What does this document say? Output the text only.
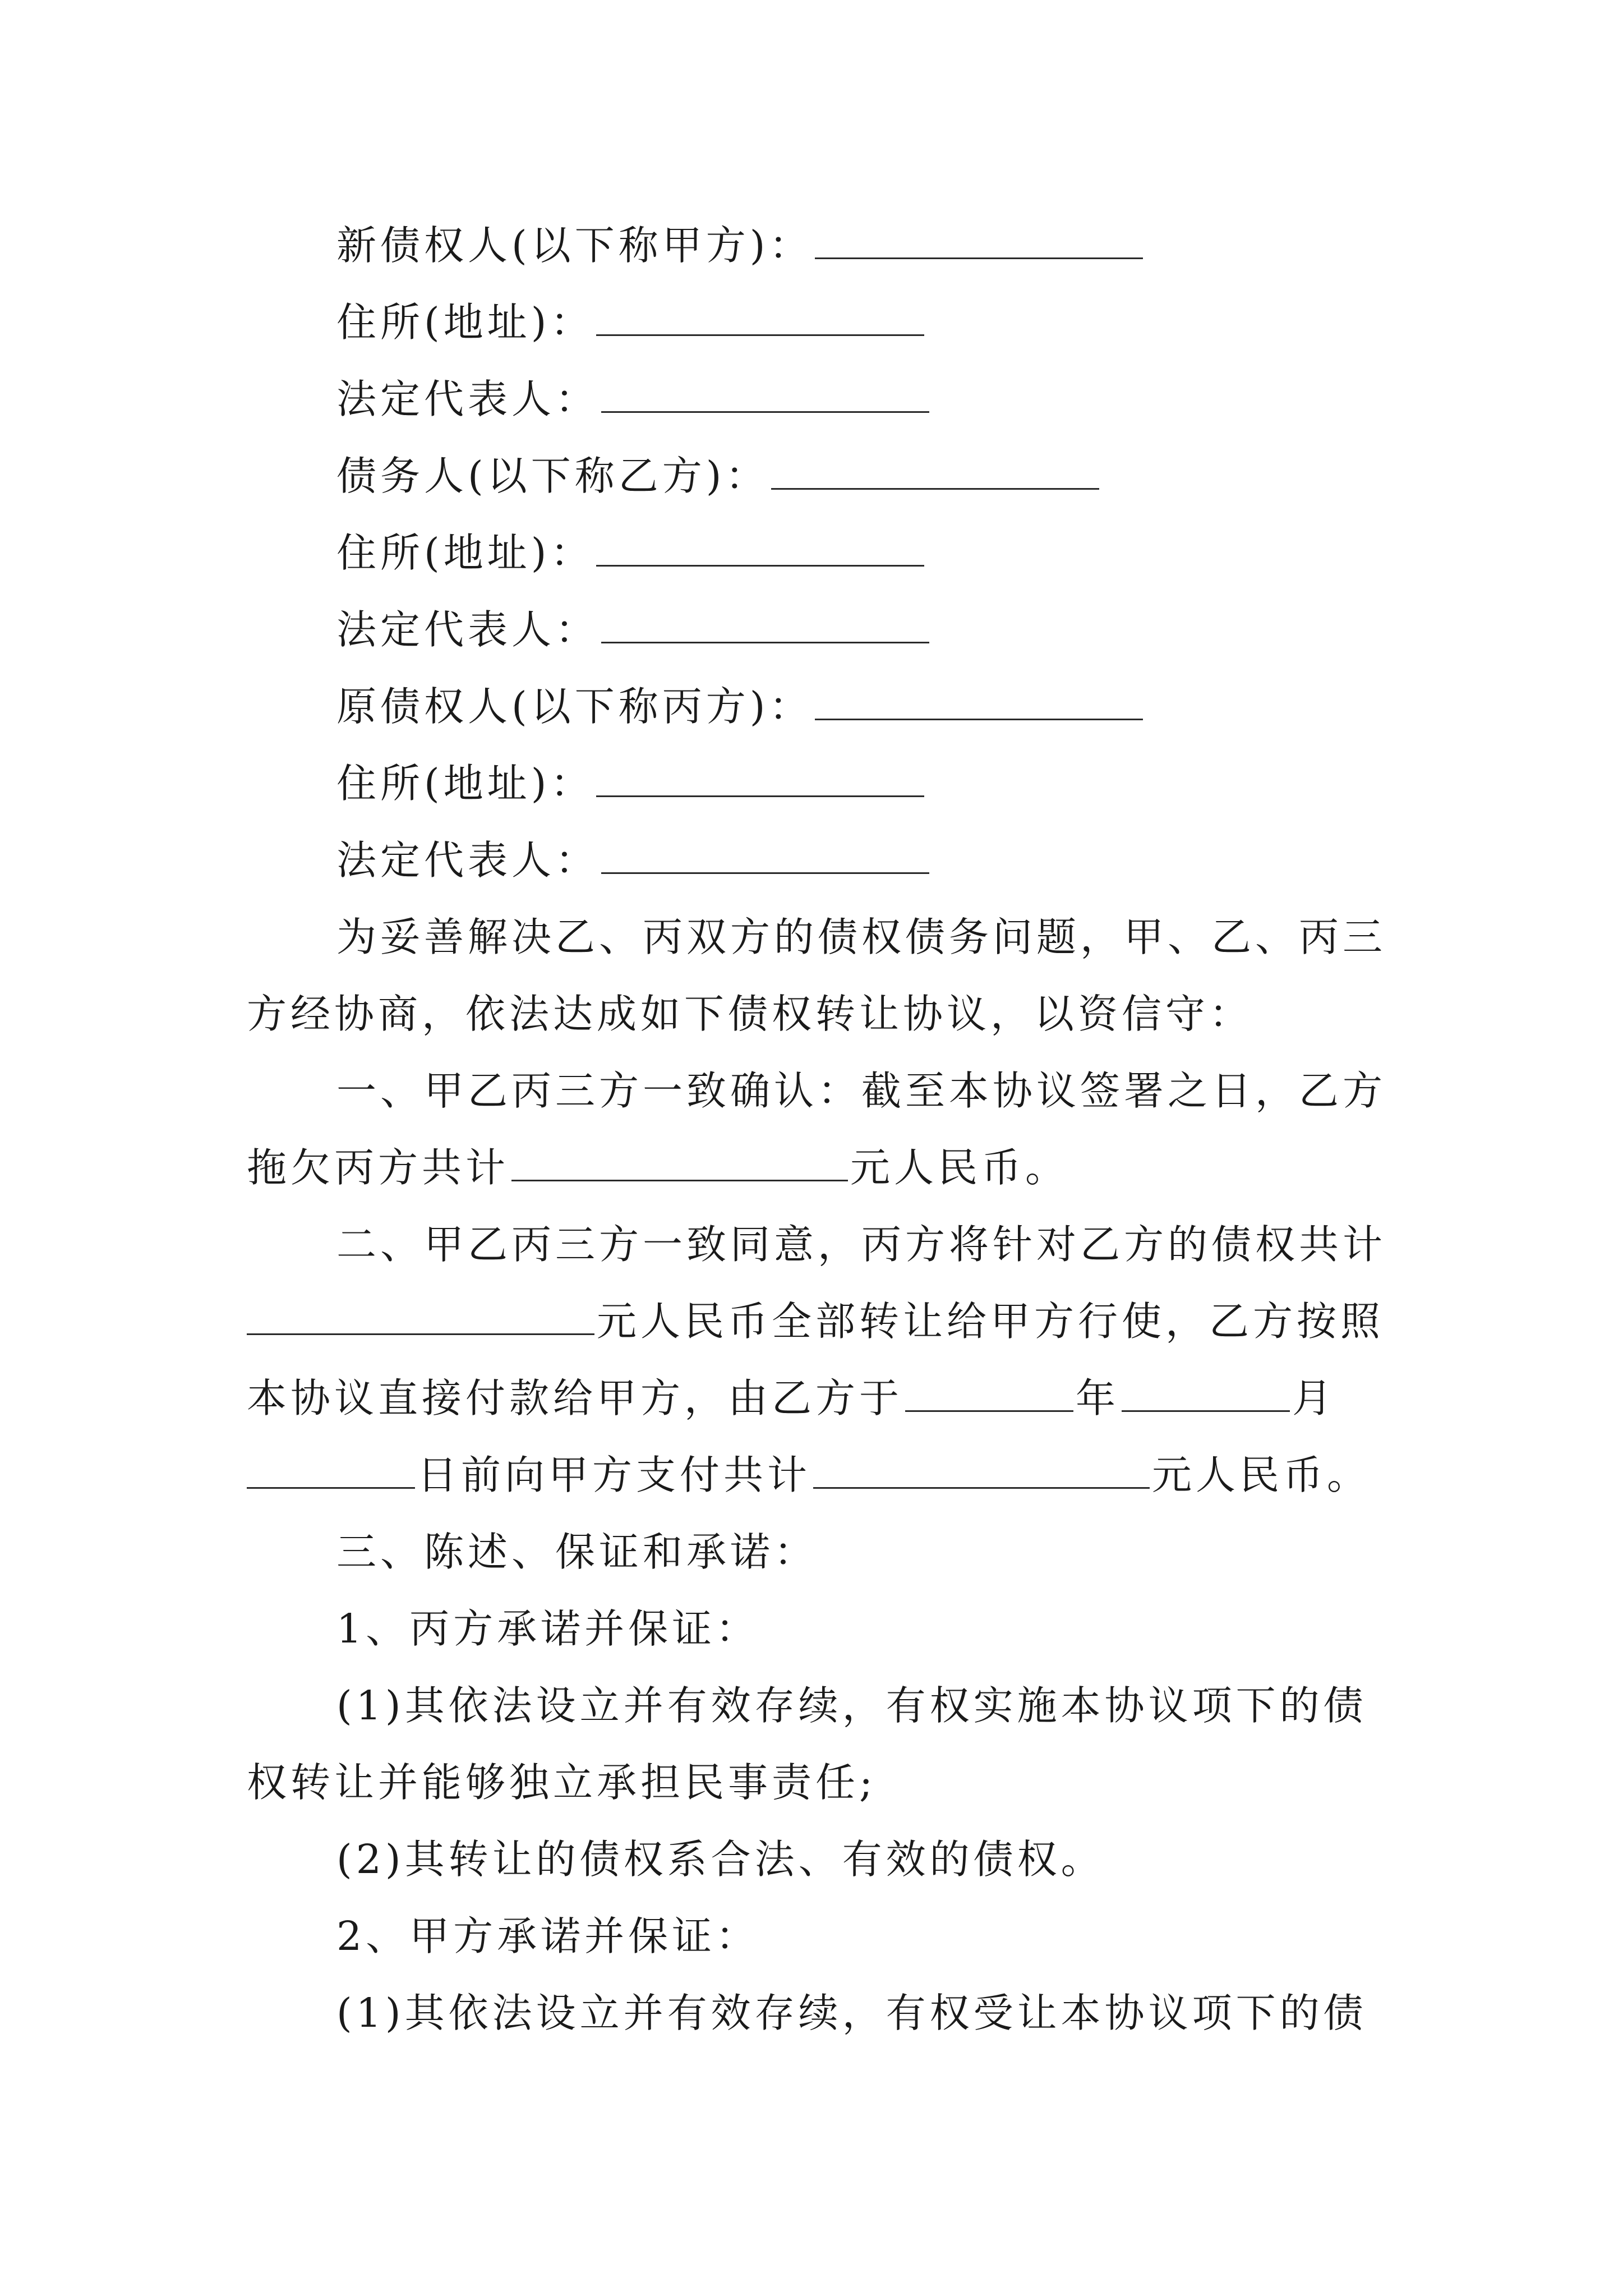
新债权人(以下称甲方)：
住所(地址)：
法定代表人：
债务人(以下称乙方)：
住所(地址)：
法定代表人：
原债权人(以下称丙方)：
住所(地址)：
法定代表人：
为妥善解决乙、丙双方的债权债务问题，甲、乙、丙三
方经协商，依法达成如下债权转让协议，以资信守：
一、甲乙丙三方一致确认：截至本协议签署之日，乙方
拖欠丙方共计	元人民币。
二、甲乙丙三方一致同意，丙方将针对乙方的债权共计
元人民币全部转让给甲方行使，乙方按照
本协议直接付款给甲方，由乙方于	年	月
日前向甲方支付共计	元人民币。
三、陈述、保证和承诺：
1、丙方承诺并保证：
(1)其依法设立并有效存续，有权实施本协议项下的债
权转让并能够独立承担民事责任;
(2)其转让的债权系合法、有效的债权。
2、甲方承诺并保证：
(1)其依法设立并有效存续，有权受让本协议项下的债
